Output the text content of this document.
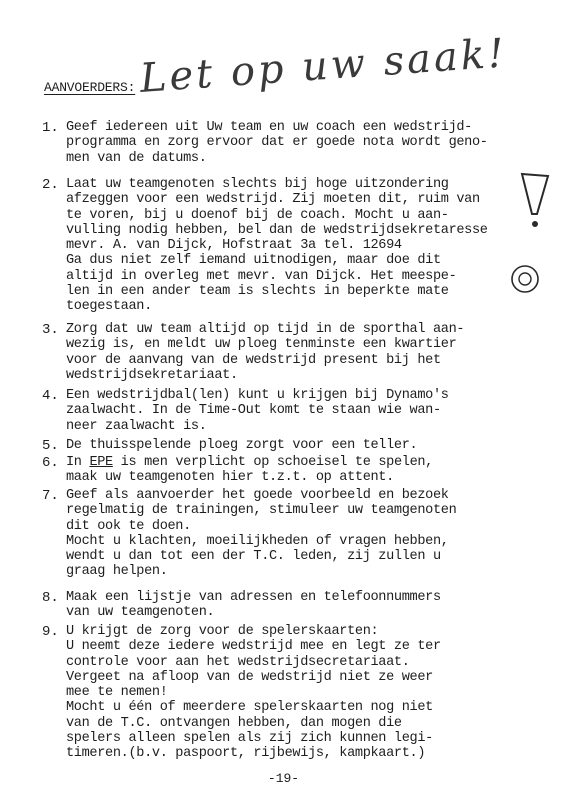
AANVOERDERS: Let op uw saak!
1. Geef iedereen uit Uw team en uw coach een wedstrijd-
programma en zorg ervoor dat er goede nota wordt geno-
men van de datums.
2. Laat uw teamgenoten slechts bij hoge uitzondering
afzeggen voor een wedstrijd. Zij moeten dit, ruim van
te voren, bij u doenof bij de coach. Mocht u aan-
vulling nodig hebben, bel dan de wedstrijdsekretaresse
mevr. A. van Dijck, Hofstraat 3a tel. 12694
Ga dus niet zelf iemand uitnodigen, maar doe dit
altijd in overleg met mevr. van Dijck. Het meespe-
len in een ander team is slechts in beperkte mate
toegestaan.
3. Zorg dat uw team altijd op tijd in de sporthal aan-
wezig is, en meldt uw ploeg tenminste een kwartier
voor de aanvang van de wedstrijd present bij het
wedstrijdsekretariaat.
4. Een wedstrijdbal(len) kunt u krijgen bij Dynamo's
zaalwacht. In de Time-Out komt te staan wie wan-
neer zaalwacht is.
5. De thuisspelende ploeg zorgt voor een teller.
6. In EPE is men verplicht op schoeisel te spelen,
maak uw teamgenoten hier t.z.t. op attent.
7. Geef als aanvoerder het goede voorbeeld en bezoek
regelmatig de trainingen, stimuleer uw teamgenoten
dit ook te doen.
Mocht u klachten, moeilijkheden of vragen hebben,
wendt u dan tot een der T.C. leden, zij zullen u
graag helpen.
8. Maak een lijstje van adressen en telefoonnummers
van uw teamgenoten.
9. U krijgt de zorg voor de spelerskaarten:
U neemt deze iedere wedstrijd mee en legt ze ter
controle voor aan het wedstrijdsecretariaat.
Vergeet na afloop van de wedstrijd niet ze weer
mee te nemen!
Mocht u één of meerdere spelerskaarten nog niet
van de T.C. ontvangen hebben, dan mogen die
spelers alleen spelen als zij zich kunnen legi-
timeren.(b.v. paspoort, rijbewijs, kampkaart.)
-19-
